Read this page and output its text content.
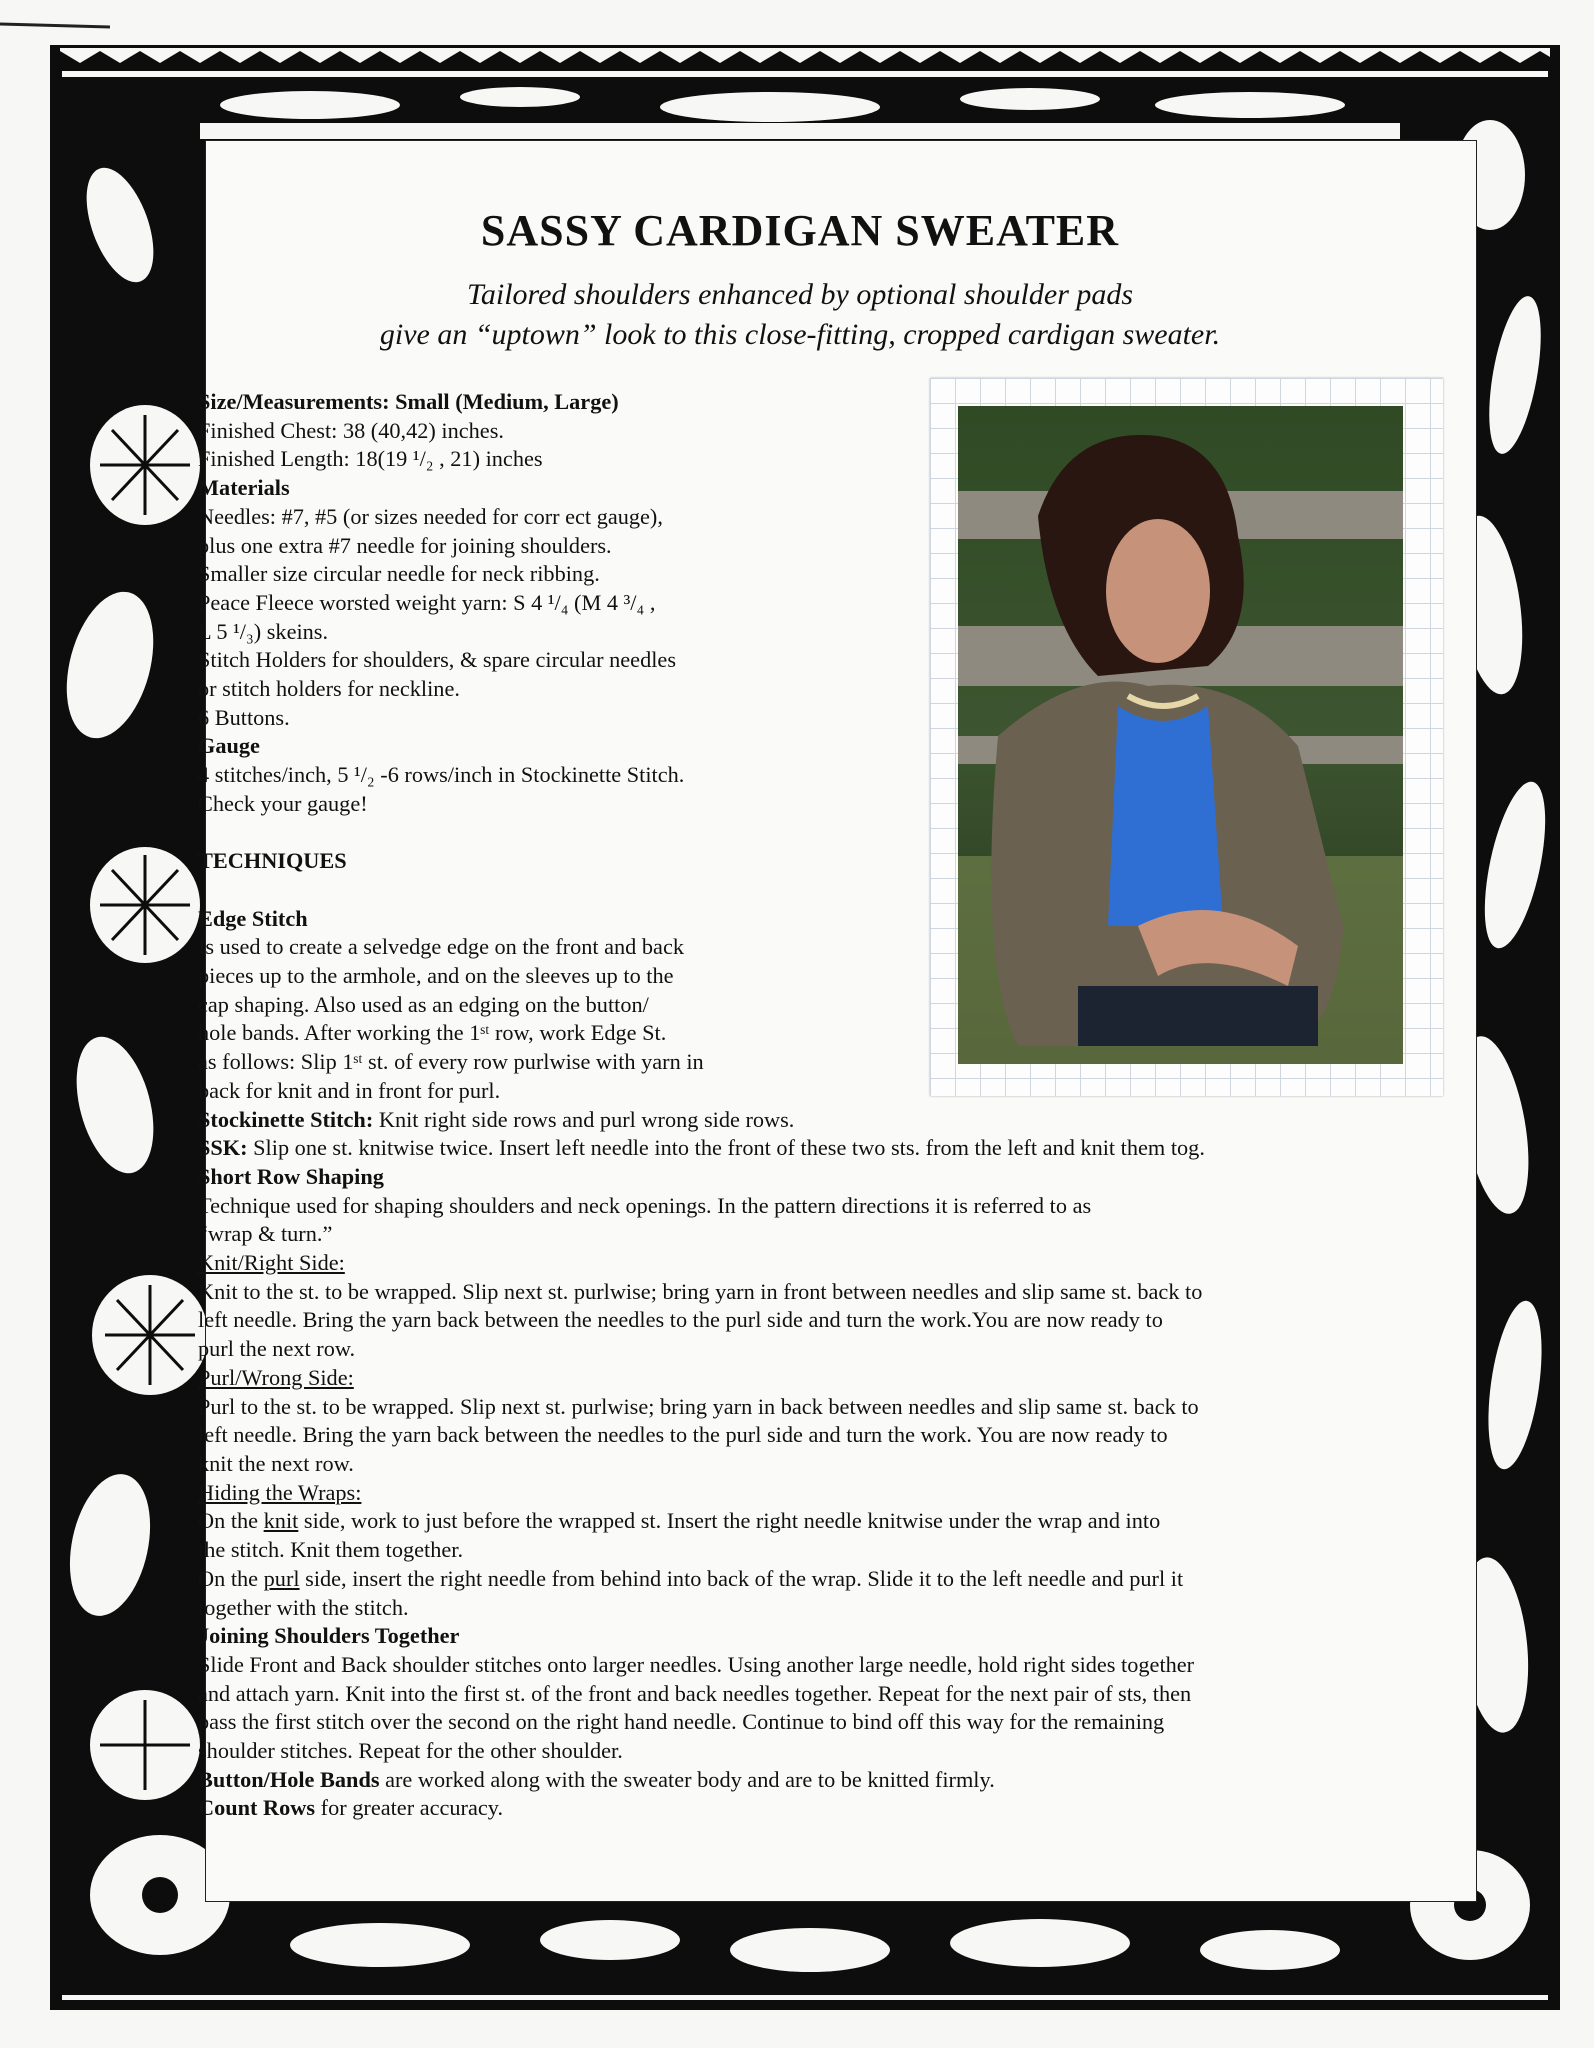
SASSY CARDIGAN SWEATER

Tailored shoulders enhanced by optional shoulder pads

give an “uptown” look to this close-fitting, cropped cardigan sweater.

Size/Measurements: Small (Medium, Large)

Finished Chest: 38 (40,42) inches.

Finished Length: 18(19 ¹/₂ , 21) inches

Materials

Needles: #7, #5 (or sizes needed for corr ect gauge),

plus one extra #7 needle for joining shoulders.

Smaller size circular needle for neck ribbing.

Peace Fleece worsted weight yarn: S 4 ¹/₄ (M 4 ³/₄ ,

L 5 ¹/₃) skeins.

Stitch Holders for shoulders, & spare circular needles

or stitch holders for neckline.

6 Buttons.

Gauge

4 stitches/inch, 5 ¹/₂ -6 rows/inch in Stockinette Stitch.

Check your gauge!

TECHNIQUES

Edge Stitch

Is used to create a selvedge edge on the front and back

pieces up to the armhole, and on the sleeves up to the

cap shaping. Also used as an edging on the button/

hole bands. After working the 1ˢᵗ row, work Edge St.

as follows: Slip 1ˢᵗ st. of every row purlwise with yarn in

back for knit and in front for purl.

Stockinette Stitch: Knit right side rows and purl wrong side rows.

SSK: Slip one st. knitwise twice. Insert left needle into the front of these two sts. from the left and knit them tog.

Short Row Shaping

Technique used for shaping shoulders and neck openings. In the pattern directions it is referred to as

“wrap & turn.”

Knit/Right Side:

Knit to the st. to be wrapped. Slip next st. purlwise; bring yarn in front between needles and slip same st. back to

left needle. Bring the yarn back between the needles to the purl side and turn the work.You are now ready to

purl the next row.

Purl/Wrong Side:

Purl to the st. to be wrapped. Slip next st. purlwise; bring yarn in back between needles and slip same st. back to

left needle. Bring the yarn back between the needles to the purl side and turn the work. You are now ready to

knit the next row.

Hiding the Wraps:

On the knit side, work to just before the wrapped st. Insert the right needle knitwise under the wrap and into

the stitch. Knit them together.

On the purl side, insert the right needle from behind into back of the wrap. Slide it to the left needle and purl it

together with the stitch.

Joining Shoulders Together

Slide Front and Back shoulder stitches onto larger needles. Using another large needle, hold right sides together

and attach yarn. Knit into the first st. of the front and back needles together. Repeat for the next pair of sts, then

pass the first stitch over the second on the right hand needle. Continue to bind off this way for the remaining

shoulder stitches. Repeat for the other shoulder.

Button/Hole Bands are worked along with the sweater body and are to be knitted firmly.

Count Rows for greater accuracy.
